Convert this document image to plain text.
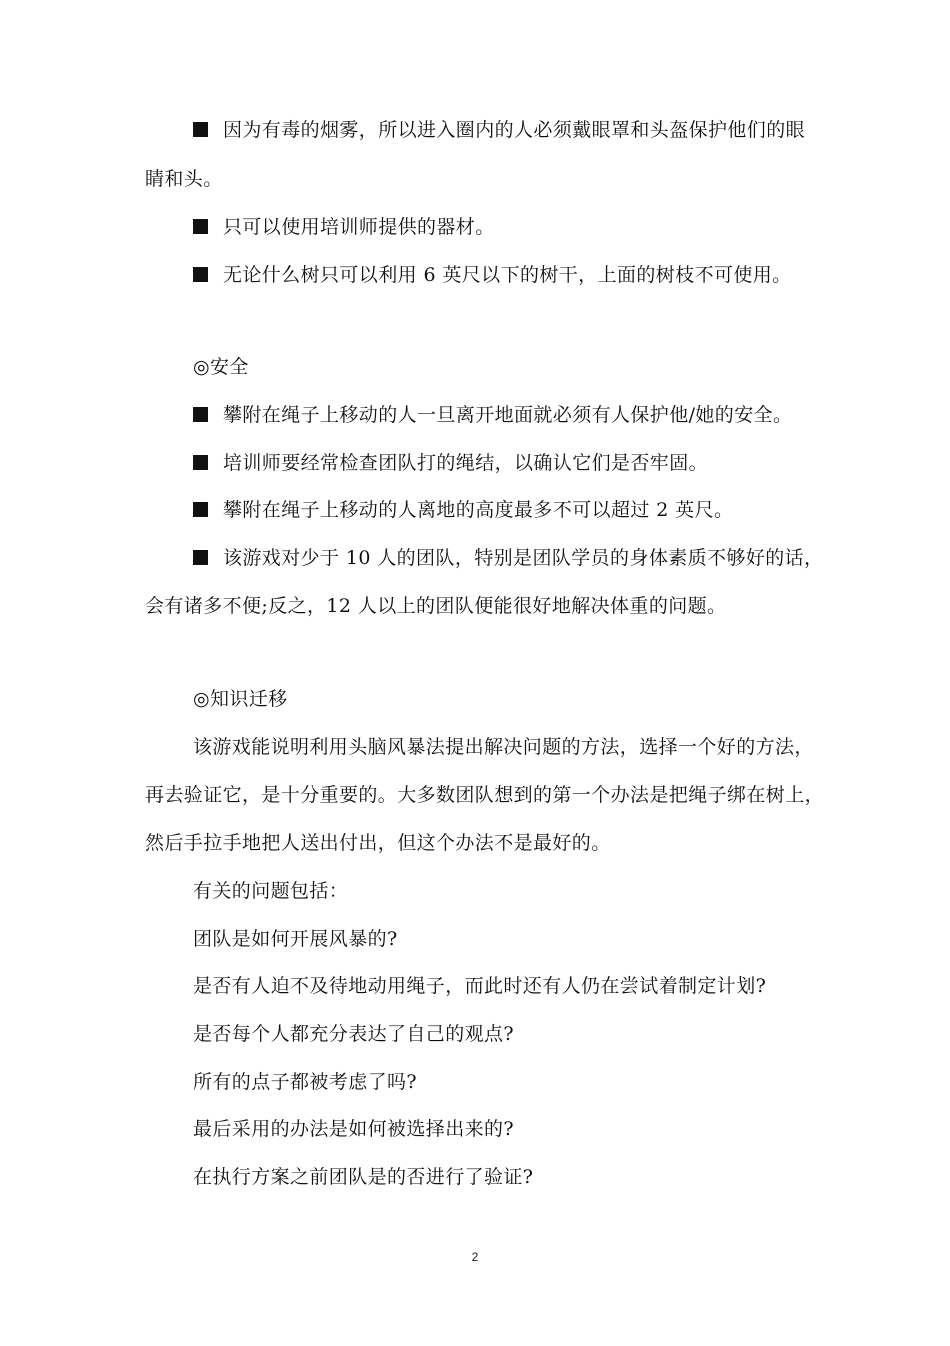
因为有毒的烟雾，所以进入圈内的人必须戴眼罩和头盔保护他们的眼
睛和头。
只可以使用培训师提供的器材。
无论什么树只可以利用 6 英尺以下的树干，上面的树枝不可使用。
◎安全
攀附在绳子上移动的人一旦离开地面就必须有人保护他/她的安全。
培训师要经常检查团队打的绳结，以确认它们是否牢固。
攀附在绳子上移动的人离地的高度最多不可以超过 2 英尺。
该游戏对少于 10 人的团队，特别是团队学员的身体素质不够好的话，
会有诸多不便;反之，12 人以上的团队便能很好地解决体重的问题。
◎知识迁移
该游戏能说明利用头脑风暴法提出解决问题的方法，选择一个好的方法，
再去验证它，是十分重要的。大多数团队想到的第一个办法是把绳子绑在树上，
然后手拉手地把人送出付出，但这个办法不是最好的。
有关的问题包括：
团队是如何开展风暴的?
是否有人迫不及待地动用绳子，而此时还有人仍在尝试着制定计划?
是否每个人都充分表达了自己的观点?
所有的点子都被考虑了吗?
最后采用的办法是如何被选择出来的?
在执行方案之前团队是的否进行了验证?
2
